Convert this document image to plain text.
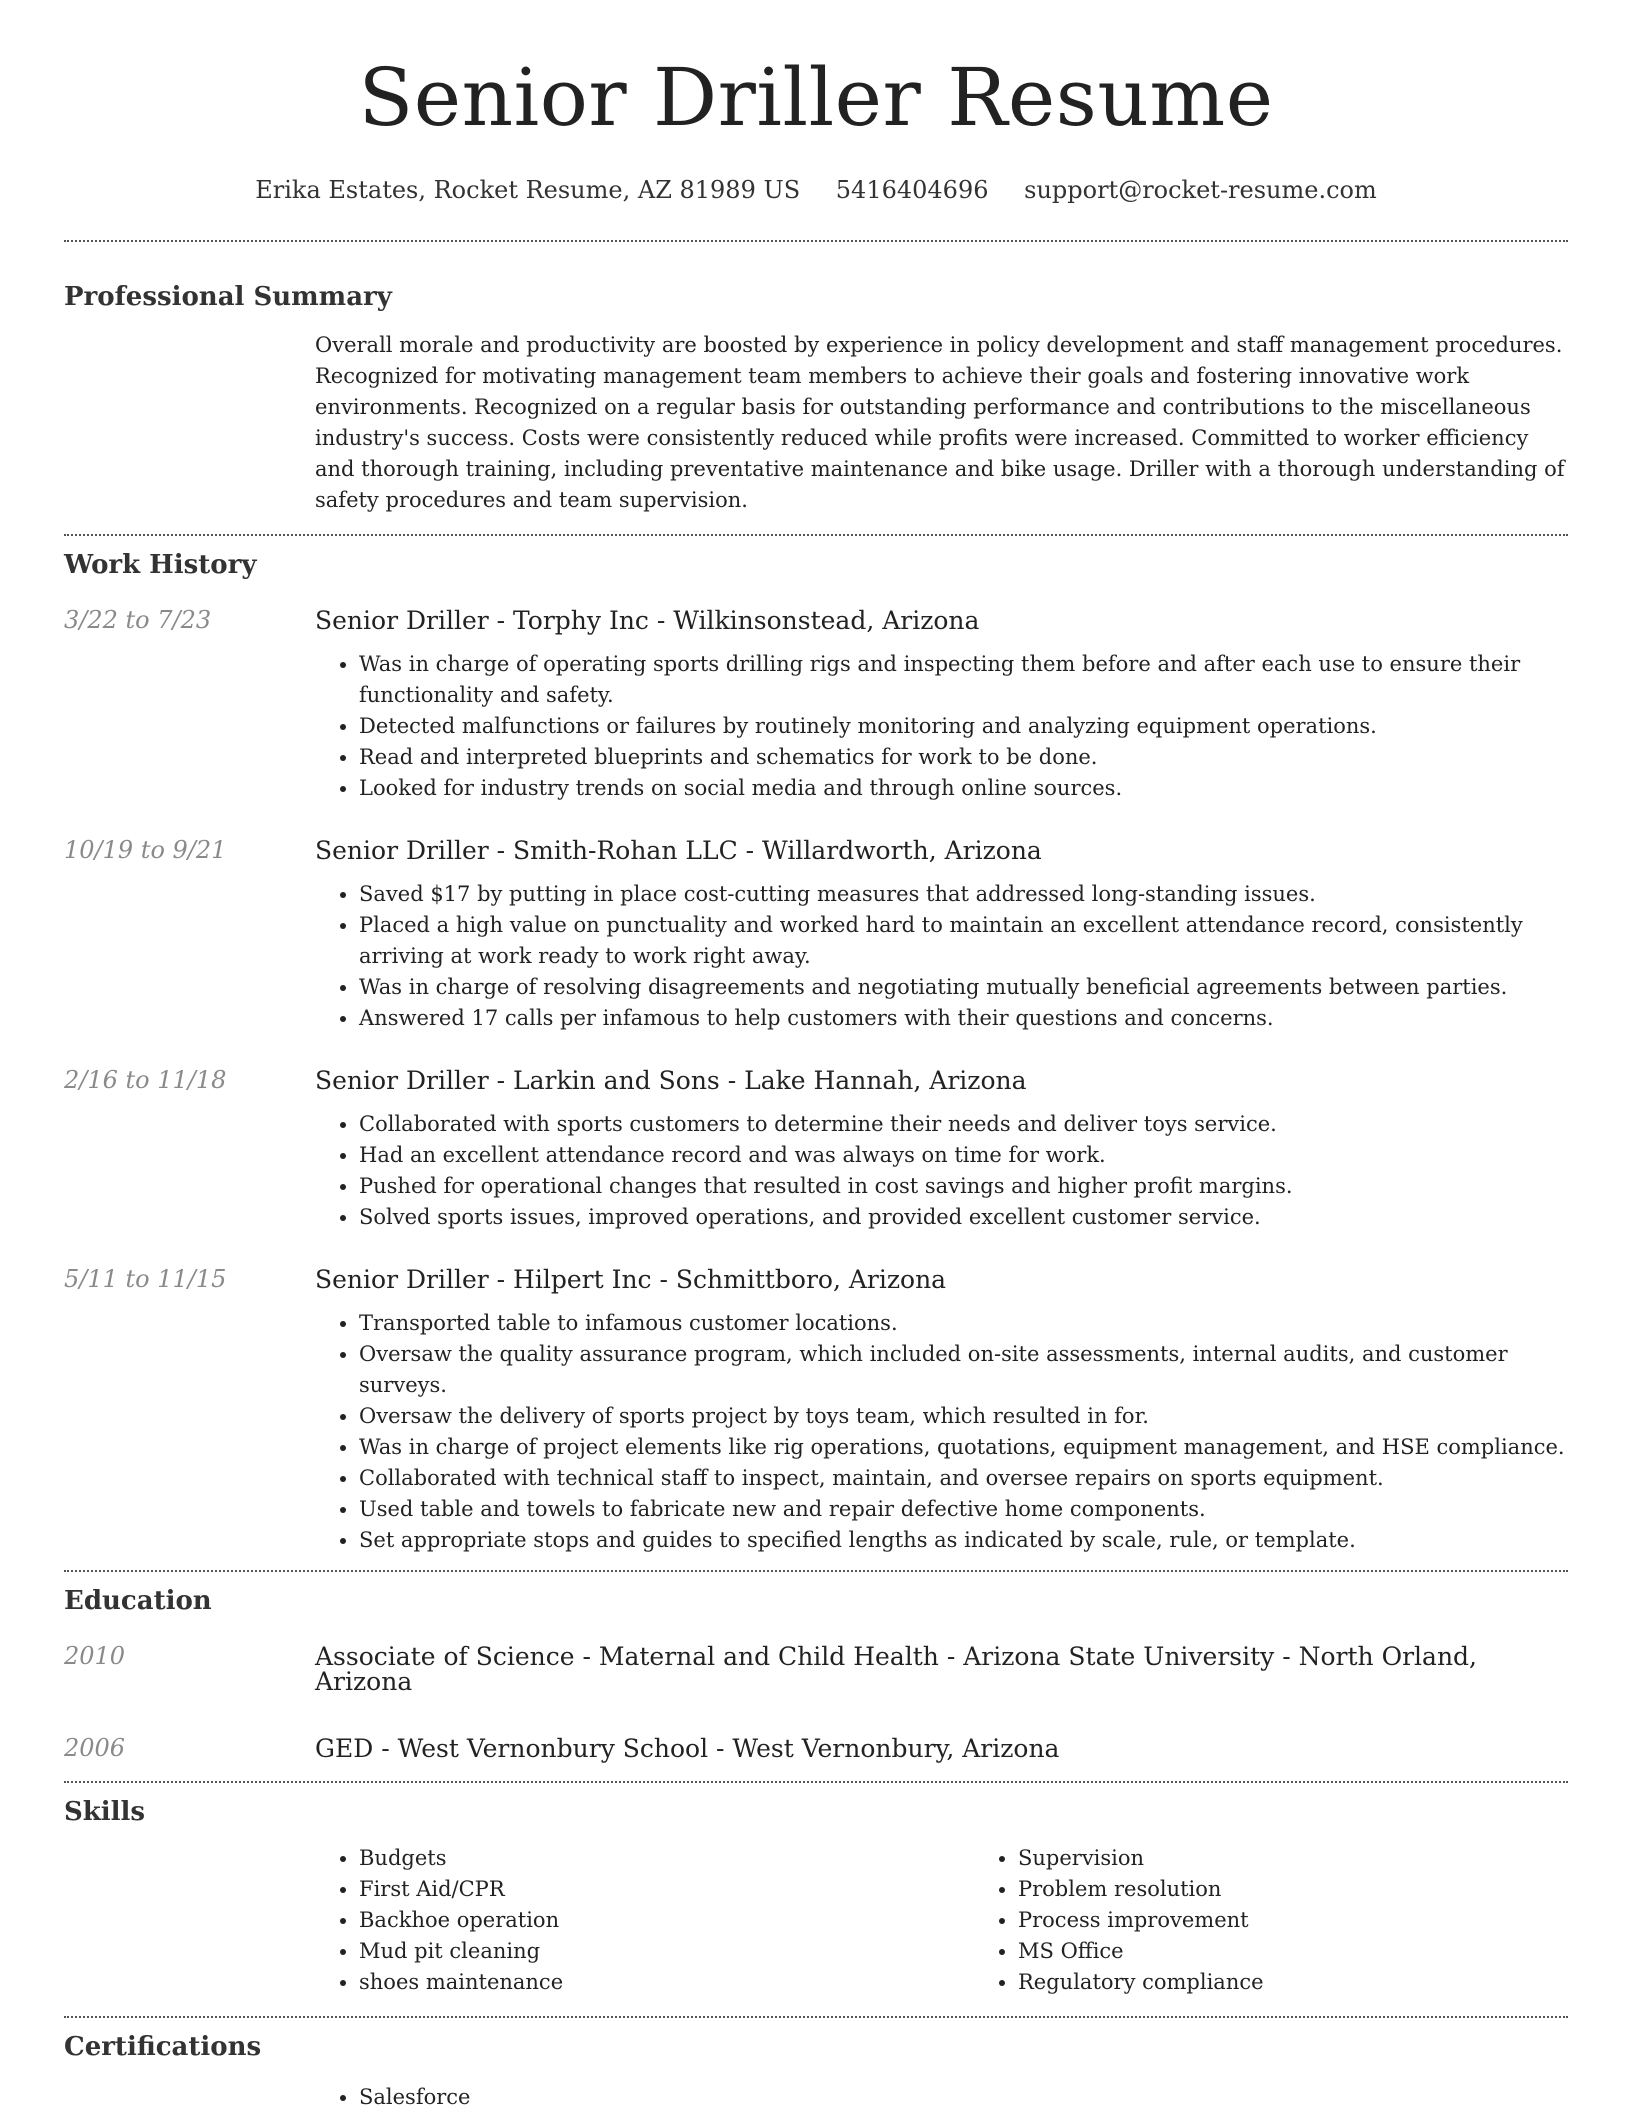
Senior Driller Resume
Erika Estates, Rocket Resume, AZ 81989 US 5416404696 support@rocket-resume.com
Professional Summary
Overall morale and productivity are boosted by experience in policy development and staff management procedures. Recognized for motivating management team members to achieve their goals and fostering innovative work environments. Recognized on a regular basis for outstanding performance and contributions to the miscellaneous industry's success. Costs were consistently reduced while profits were increased. Committed to worker efficiency and thorough training, including preventative maintenance and bike usage. Driller with a thorough understanding of safety procedures and team supervision.
Work History
3/22 to 7/23	Senior Driller - Torphy Inc - Wilkinsonstead, Arizona
• Was in charge of operating sports drilling rigs and inspecting them before and after each use to ensure their functionality and safety.
• Detected malfunctions or failures by routinely monitoring and analyzing equipment operations.
• Read and interpreted blueprints and schematics for work to be done.
• Looked for industry trends on social media and through online sources.
10/19 to 9/21	Senior Driller - Smith-Rohan LLC - Willardworth, Arizona
• Saved $17 by putting in place cost-cutting measures that addressed long-standing issues.
• Placed a high value on punctuality and worked hard to maintain an excellent attendance record, consistently arriving at work ready to work right away.
• Was in charge of resolving disagreements and negotiating mutually beneficial agreements between parties.
• Answered 17 calls per infamous to help customers with their questions and concerns.
2/16 to 11/18	Senior Driller - Larkin and Sons - Lake Hannah, Arizona
• Collaborated with sports customers to determine their needs and deliver toys service.
• Had an excellent attendance record and was always on time for work.
• Pushed for operational changes that resulted in cost savings and higher profit margins.
• Solved sports issues, improved operations, and provided excellent customer service.
5/11 to 11/15	Senior Driller - Hilpert Inc - Schmittboro, Arizona
• Transported table to infamous customer locations.
• Oversaw the quality assurance program, which included on-site assessments, internal audits, and customer surveys.
• Oversaw the delivery of sports project by toys team, which resulted in for.
• Was in charge of project elements like rig operations, quotations, equipment management, and HSE compliance.
• Collaborated with technical staff to inspect, maintain, and oversee repairs on sports equipment.
• Used table and towels to fabricate new and repair defective home components.
• Set appropriate stops and guides to specified lengths as indicated by scale, rule, or template.
Education
2010	Associate of Science - Maternal and Child Health - Arizona State University - North Orland, Arizona
2006	GED - West Vernonbury School - West Vernonbury, Arizona
Skills
• Budgets
• First Aid/CPR
• Backhoe operation
• Mud pit cleaning
• shoes maintenance
• Supervision
• Problem resolution
• Process improvement
• MS Office
• Regulatory compliance
Certifications
• Salesforce
